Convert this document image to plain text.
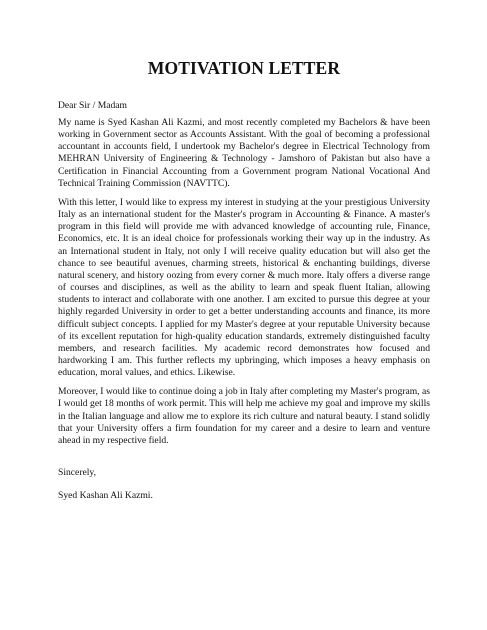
MOTIVATION LETTER
Dear Sir / Madam

My name is Syed Kashan Ali Kazmi, and most recently completed my Bachelors & have been working in Government sector as Accounts Assistant. With the goal of becoming a professional accountant in accounts field, I undertook my Bachelor's degree in Electrical Technology from MEHRAN University of Engineering & Technology - Jamshoro of Pakistan but also have a Certification in Financial Accounting from a Government program National Vocational And Technical Training Commission (NAVTTC).

With this letter, I would like to express my interest in studying at the your prestigious University Italy as an international student for the Master's program in Accounting & Finance. A master's program in this field will provide me with advanced knowledge of accounting rule, Finance, Economics, etc. It is an ideal choice for professionals working their way up in the industry. As an International student in Italy, not only I will receive quality education but will also get the chance to see beautiful avenues, charming streets, historical & enchanting buildings, diverse natural scenery, and history oozing from every corner & much more. Italy offers a diverse range of courses and disciplines, as well as the ability to learn and speak fluent Italian, allowing students to interact and collaborate with one another. I am excited to pursue this degree at your highly regarded University in order to get a better understanding accounts and finance, its more difficult subject concepts. I applied for my Master's degree at your reputable University because of its excellent reputation for high-quality education standards, extremely distinguished faculty members, and research facilities. My academic record demonstrates how focused and hardworking I am. This further reflects my upbringing, which imposes a heavy emphasis on education, moral values, and ethics. Likewise.

Moreover, I would like to continue doing a job in Italy after completing my Master's program, as I would get 18 months of work permit. This will help me achieve my goal and improve my skills in the Italian language and allow me to explore its rich culture and natural beauty. I stand solidly that your University offers a firm foundation for my career and a desire to learn and venture ahead in my respective field.

Sincerely,
Syed Kashan Ali Kazmi.
